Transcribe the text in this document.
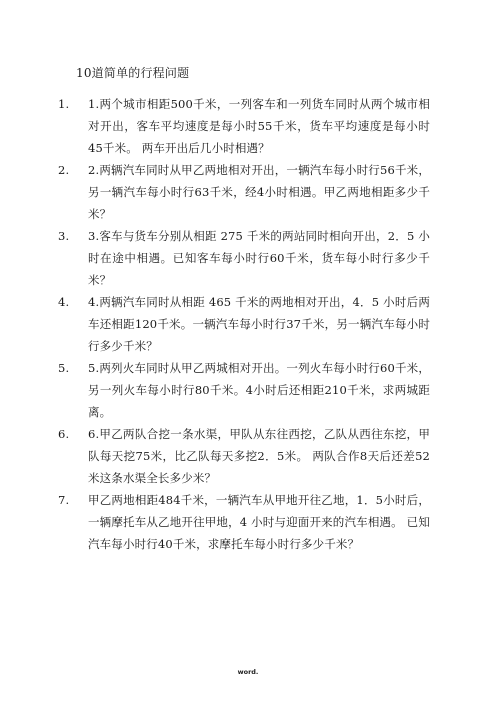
10道简单的行程问题
1. 1.两个城市相距500千米，一列客车和一列货车同时从两个城市相对开出，客车平均速度是每小时55千米，货车平均速度是每小时45千米。 两车开出后几小时相遇？
2. 2.两辆汽车同时从甲乙两地相对开出，一辆汽车每小时行56千米，另一辆汽车每小时行63千米，经4小时相遇。甲乙两地相距多少千米？
3. 3.客车与货车分别从相距 275 千米的两站同时相向开出，2．5 小时在途中相遇。已知客车每小时行60千米，货车每小时行多少千米？
4. 4.两辆汽车同时从相距 465 千米的两地相对开出，4．5 小时后两车还相距120千米。一辆汽车每小时行37千米，另一辆汽车每小时行多少千米？
5. 5.两列火车同时从甲乙两城相对开出。一列火车每小时行60千米，另一列火车每小时行80千米。4小时后还相距210千米，求两城距离。
6. 6.甲乙两队合挖一条水渠，甲队从东往西挖，乙队从西往东挖，甲队每天挖75米，比乙队每天多挖2．5米。 两队合作8天后还差52米这条水渠全长多少米？
7. 甲乙两地相距484千米，一辆汽车从甲地开往乙地，1．5小时后，一辆摩托车从乙地开往甲地，4 小时与迎面开来的汽车相遇。 已知汽车每小时行40千米，求摩托车每小时行多少千米？
word.
